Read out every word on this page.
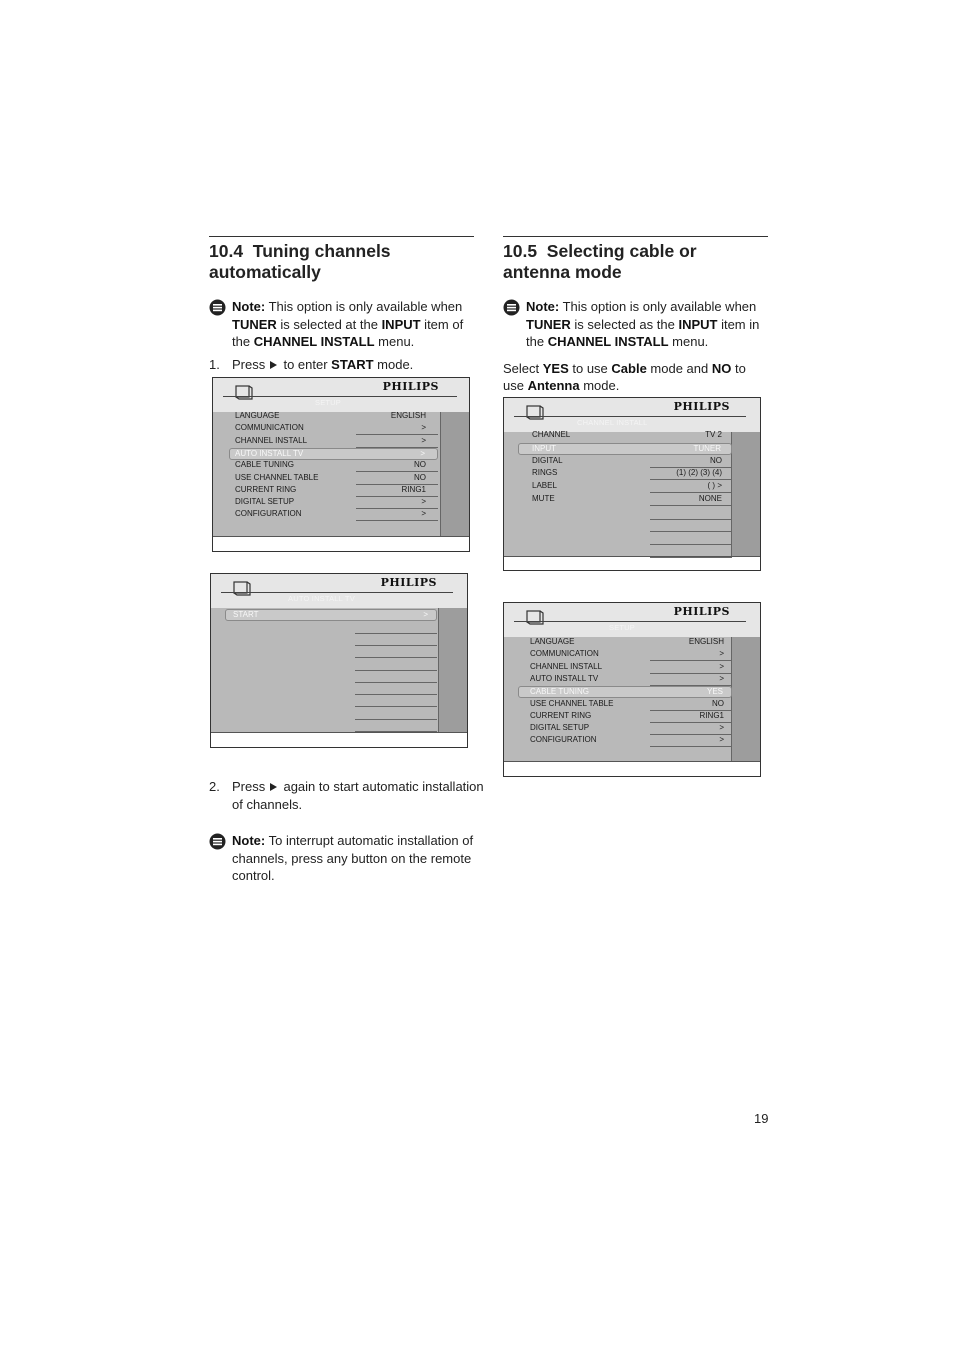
10.4 Tuning channels automatically
Note: This option is only available when TUNER is selected at the INPUT item of the CHANNEL INSTALL menu.
1. Press  to enter START mode.
2. Press  again to start automatic installation of channels.
Note: To interrupt automatic installation of channels, press any button on the remote control.
10.5 Selecting cable or antenna mode
Note: This option is only available when TUNER is selected as the INPUT item in the CHANNEL INSTALL menu.
Select YES to use Cable mode and NO to use Antenna mode.
PHILIPS
SETUP
LANGUAGE	ENGLISH
COMMUNICATION	>
CHANNEL INSTALL	>
AUTO INSTALL TV	>
CABLE TUNING	NO
USE CHANNEL TABLE	NO
CURRENT RING	RING1
DIGITAL SETUP	>
CONFIGURATION	>
PHILIPS
AUTO INSTALL TV
START	>
PHILIPS
CHANNEL INSTALL
CHANNEL	TV 2
INPUT	TUNER
DIGITAL	NO
RINGS	(1) (2) (3) (4)
LABEL	( ) >
MUTE	NONE
PHILIPS
SETUP
LANGUAGE	ENGLISH
COMMUNICATION	>
CHANNEL INSTALL	>
AUTO INSTALL TV	>
CABLE TUNING	YES
USE CHANNEL TABLE	NO
CURRENT RING	RING1
DIGITAL SETUP	>
CONFIGURATION	>
19
